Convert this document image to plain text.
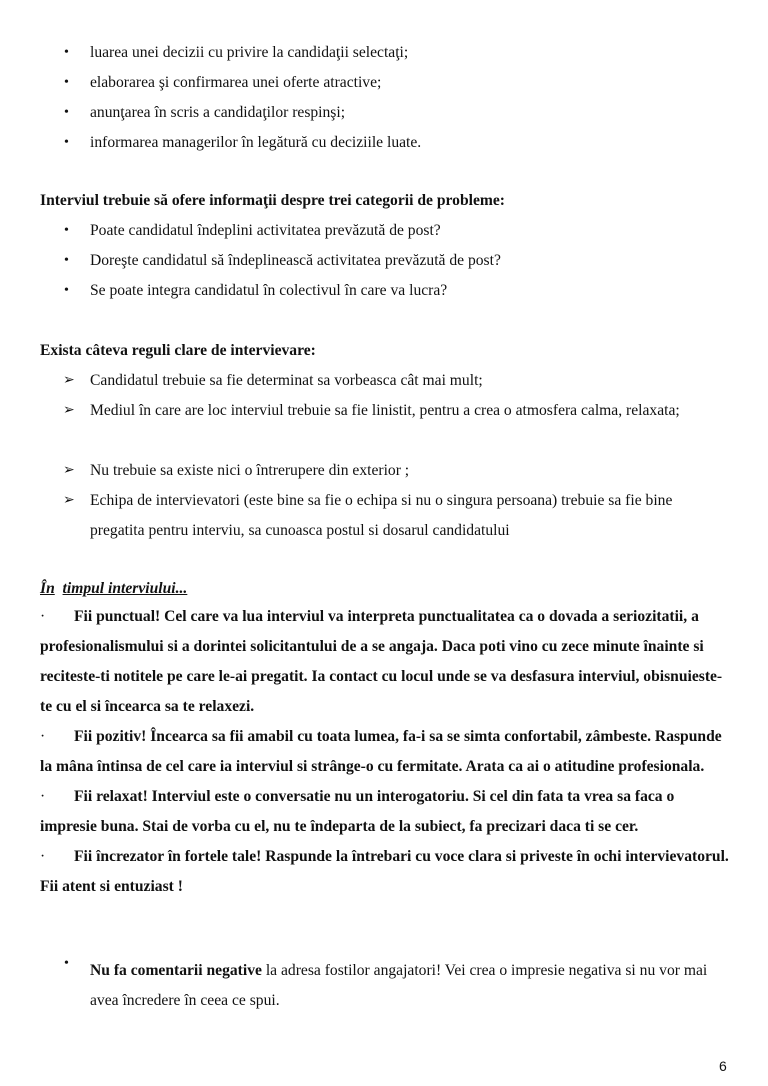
• luarea unei decizii cu privire la candidaţii selectaţi;
• elaborarea şi confirmarea unei oferte atractive;
• anunţarea în scris a candidaţilor respinşi;
• informarea managerilor în legătură cu deciziile luate.
Interviul trebuie să ofere informaţii despre trei categorii de probleme:
• Poate candidatul îndeplini activitatea prevăzută de post?
• Doreşte candidatul să îndeplinească activitatea prevăzută de post?
• Se poate integra candidatul în colectivul în care va lucra?
Exista câteva reguli clare de intervievare:
➢ Candidatul trebuie sa fie determinat sa vorbeasca cât mai mult;
➢ Mediul în care are loc interviul trebuie sa fie linistit, pentru a crea o atmosfera calma, relaxata;
➢ Nu trebuie sa existe nici o întrerupere din exterior ;
➢ Echipa de intervievatori (este bine sa fie o echipa si nu o singura persoana) trebuie sa fie bine pregatita pentru interviu, sa cunoasca postul si dosarul candidatului
În timpul interviului...

· Fii punctual! Cel care va lua interviul va interpreta punctualitatea ca o dovada a seriozitatii, a profesionalismului si a dorintei solicitantului de a se angaja. Daca poti vino cu zece minute înainte si reciteste-ti notitele pe care le-ai pregatit. Ia contact cu locul unde se va desfasura interviul, obisnuieste-te cu el si încearca sa te relaxezi.

· Fii pozitiv! Încearca sa fii amabil cu toata lumea, fa-i sa se simta confortabil, zâmbeste. Raspunde la mâna întinsa de cel care ia interviul si strânge-o cu fermitate. Arata ca ai o atitudine profesionala.

· Fii relaxat! Interviul este o conversatie nu un interogatoriu. Si cel din fata ta vrea sa faca o impresie buna. Stai de vorba cu el, nu te îndeparta de la subiect, fa precizari daca ti se cer.

· Fii încrezator în fortele tale! Raspunde la întrebari cu voce clara si priveste în ochi intervievatorul. Fii atent si entuziast !

•	Nu fa comentarii negative la adresa fostilor angajatori! Vei crea o impresie negativa si nu vor mai avea încredere în ceea ce spui.
6
